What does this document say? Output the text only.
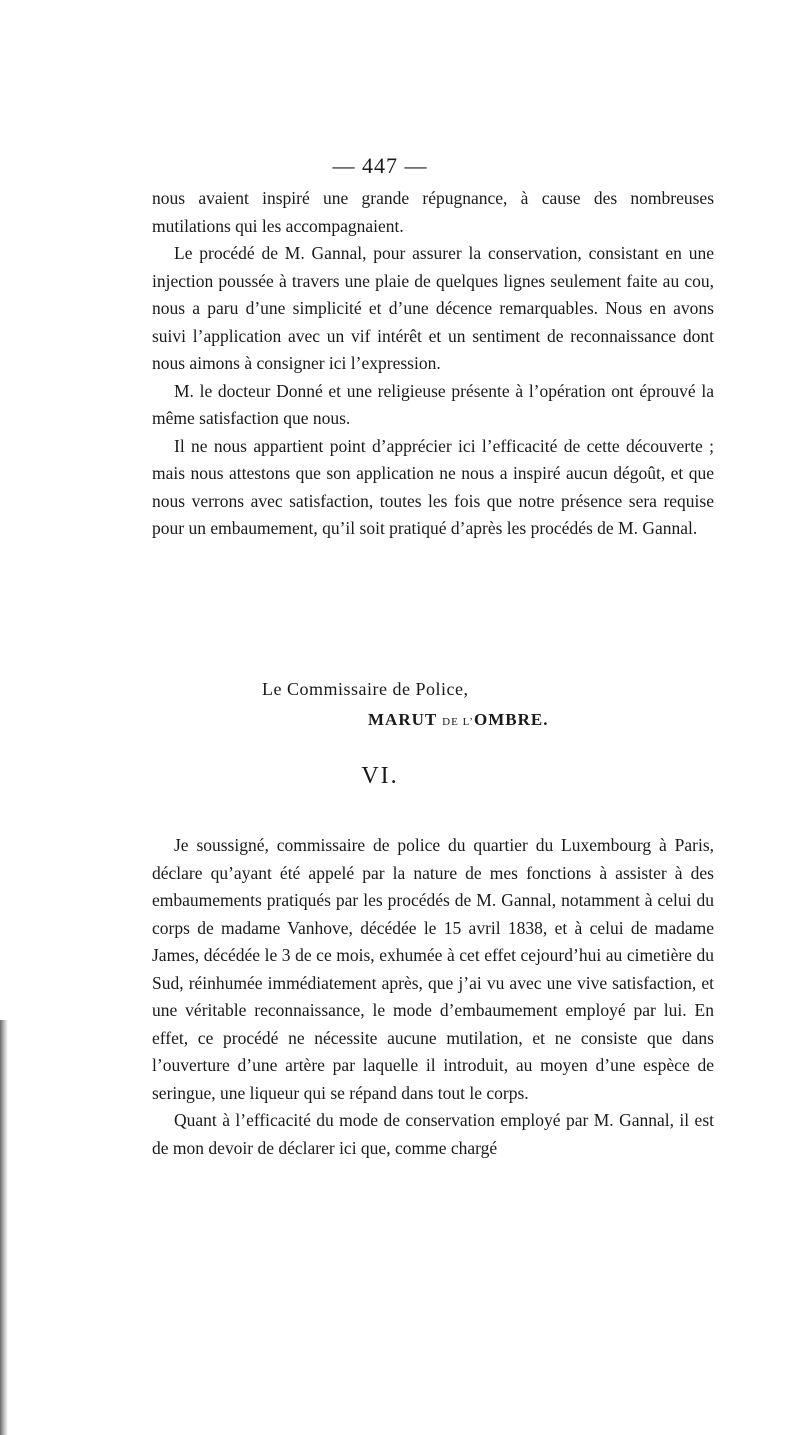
— 447 —

nous avaient inspiré une grande répugnance, à cause des nombreuses mutilations qui les accompagnaient.

Le procédé de M. Gannal, pour assurer la conservation, consistant en une injection poussée à travers une plaie de quelques lignes seulement faite au cou, nous a paru d’une simplicité et d’une décence remarquables. Nous en avons suivi l’application avec un vif intérêt et un sentiment de reconnaissance dont nous aimons à consigner ici l’expression.

M. le docteur Donné et une religieuse présente à l’opération ont éprouvé la même satisfaction que nous.

Il ne nous appartient point d’apprécier ici l’efficacité de cette découverte ; mais nous attestons que son application ne nous a inspiré aucun dégoût, et que nous verrons avec satisfaction, toutes les fois que notre présence sera requise pour un embaumement, qu’il soit pratiqué d’après les procédés de M. Gannal.

Le Commissaire de Police,
MARUT DE L’OMBRE.
VI.

Je soussigné, commissaire de police du quartier du Luxembourg à Paris, déclare qu’ayant été appelé par la nature de mes fonctions à assister à des embaumements pratiqués par les procédés de M. Gannal, notamment à celui du corps de madame Vanhove, décédée le 15 avril 1838, et à celui de madame James, décédée le 3 de ce mois, exhumée à cet effet cejourd’hui au cimetière du Sud, réinhumée immédiatement après, que j’ai vu avec une vive satisfaction, et une véritable reconnaissance, le mode d’embaumement employé par lui. En effet, ce procédé ne nécessite aucune mutilation, et ne consiste que dans l’ouverture d’une artère par laquelle il introduit, au moyen d’une espèce de seringue, une liqueur qui se répand dans tout le corps.

Quant à l’efficacité du mode de conservation employé par M. Gannal, il est de mon devoir de déclarer ici que, comme chargé
